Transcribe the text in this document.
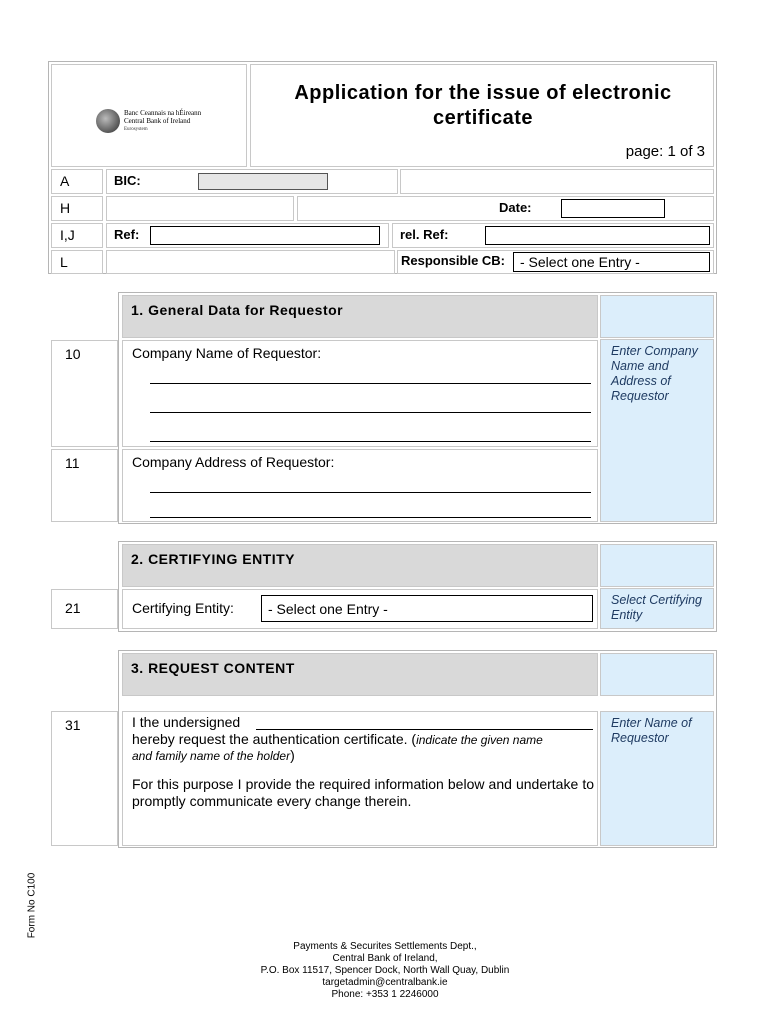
Banc Ceannais na hÉireann
Central Bank of Ireland
Eurosystem
Application for the issue of electronic
certificate
page: 1 of 3
A	BIC:
H	Date:
I,J	Ref:	rel. Ref:
L	Responsible CB:	- Select one Entry -
1. General Data for Requestor
Enter Company Name and Address of Requestor
10	Company Name of Requestor:
11	Company Address of Requestor:
2. CERTIFYING ENTITY
Select Certifying Entity
21	Certifying Entity:	- Select one Entry -
3. REQUEST CONTENT
Enter Name of Requestor
31	I the undersigned
hereby request the authentication certificate. (indicate the given name
and family name of the holder)
For this purpose I provide the required information below and undertake to promptly communicate every change therein.
Form No C100
Payments & Securites Settlements Dept.,
Central Bank of Ireland,
P.O. Box 11517, Spencer Dock, North Wall Quay, Dublin
targetadmin@centralbank.ie
Phone: +353 1 2246000
